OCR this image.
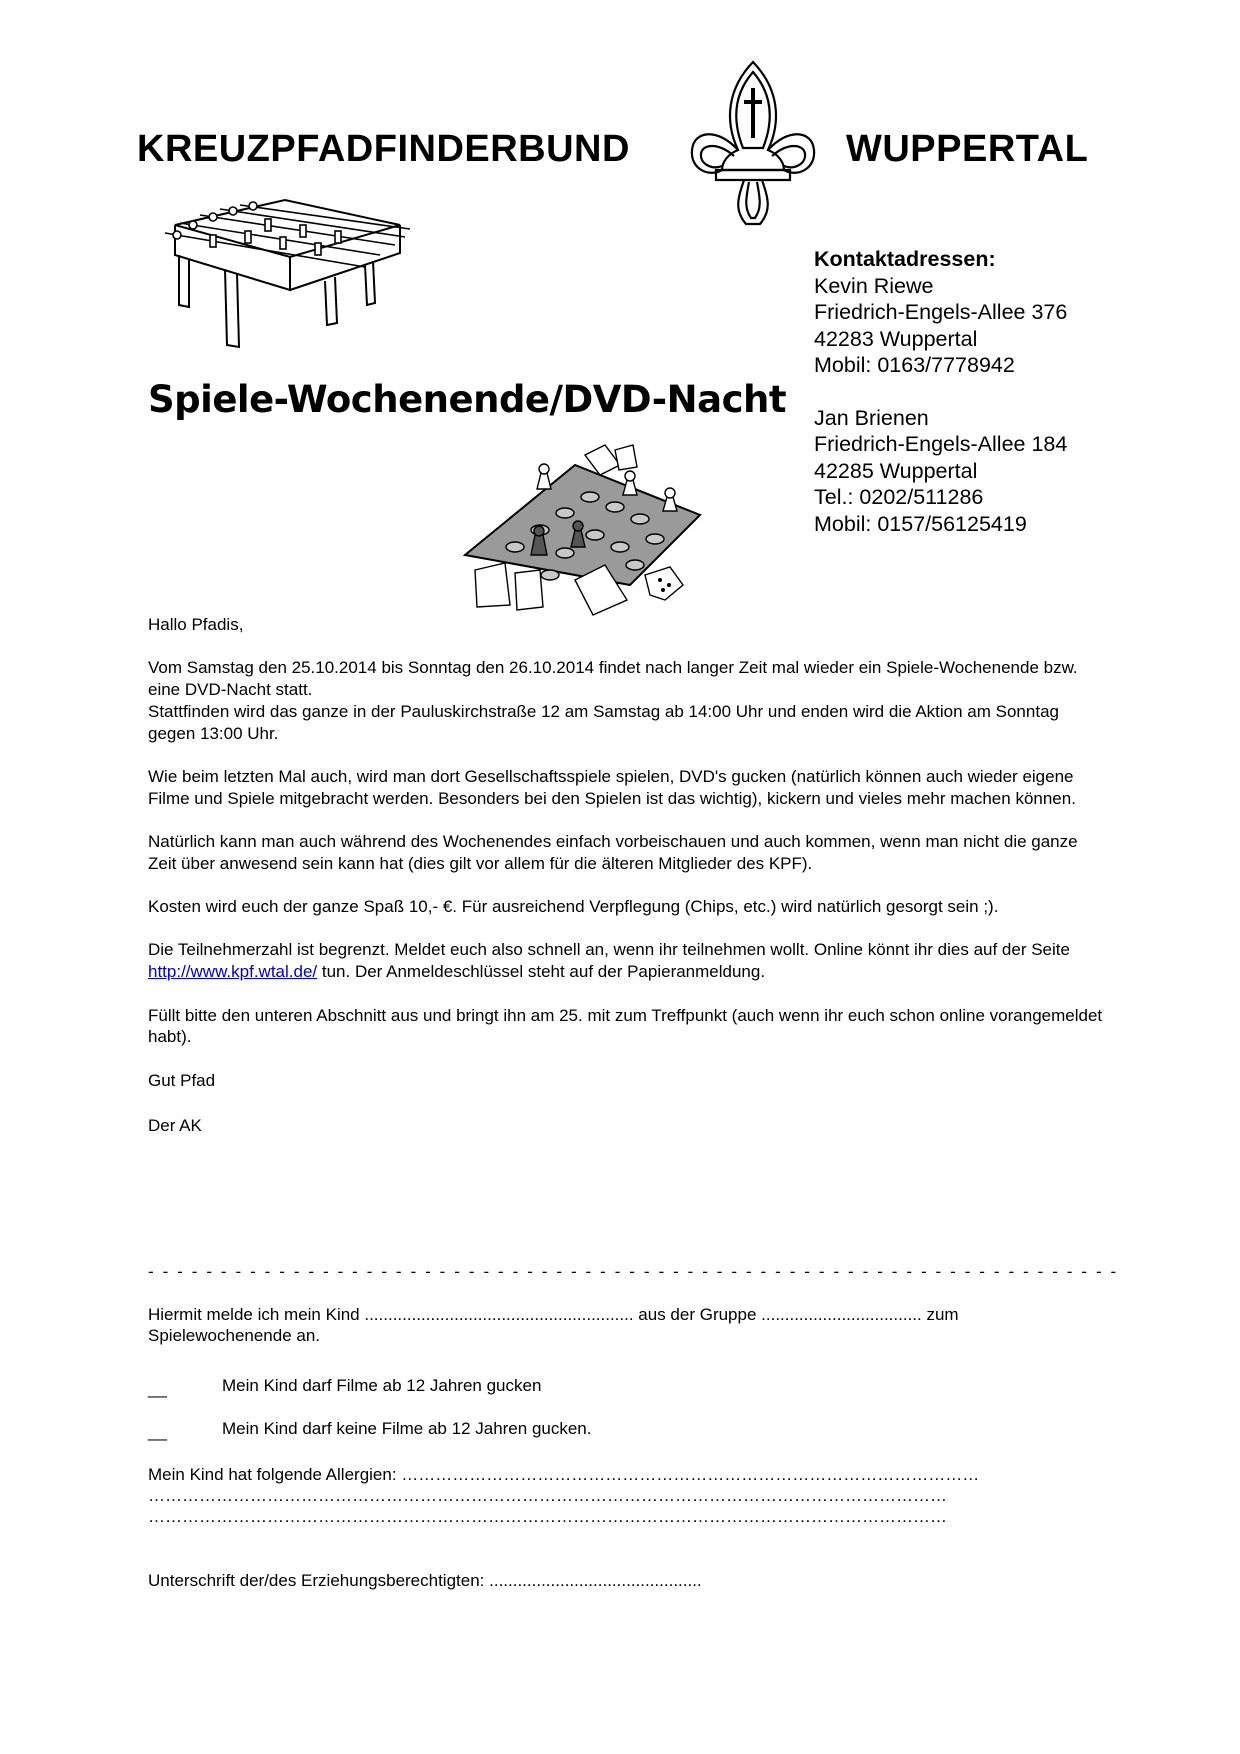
KREUZPFADFINDERBUND	WUPPERTAL
Spiele-Wochenende/DVD-Nacht
Kontaktadressen:
Kevin Riewe
Friedrich-Engels-Allee 376
42283 Wuppertal
Mobil: 0163/7778942
Jan Brienen
Friedrich-Engels-Allee 184
42285 Wuppertal
Tel.: 0202/511286
Mobil: 0157/56125419

Hallo Pfadis,

Vom Samstag den 25.10.2014 bis Sonntag den 26.10.2014 findet nach langer Zeit mal wieder ein Spiele-Wochenende bzw. eine DVD-Nacht statt.
Stattfinden wird das ganze in der Pauluskirchstraße 12 am Samstag ab 14:00 Uhr und enden wird die Aktion am Sonntag gegen 13:00 Uhr.

Wie beim letzten Mal auch, wird man dort Gesellschaftsspiele spielen, DVD's gucken (natürlich können auch wieder eigene Filme und Spiele mitgebracht werden. Besonders bei den Spielen ist das wichtig), kickern und vieles mehr machen können.

Natürlich kann man auch während des Wochenendes einfach vorbeischauen und auch kommen, wenn man nicht die ganze Zeit über anwesend sein kann hat (dies gilt vor allem für die älteren Mitglieder des KPF).

Kosten wird euch der ganze Spaß 10,- €. Für ausreichend Verpflegung (Chips, etc.) wird natürlich gesorgt sein ;).

Die Teilnehmerzahl ist begrenzt. Meldet euch also schnell an, wenn ihr teilnehmen wollt. Online könnt ihr dies auf der Seite http://www.kpf.wtal.de/ tun. Der Anmeldeschlüssel steht auf der Papieranmeldung.

Füllt bitte den unteren Abschnitt aus und bringt ihn am 25. mit zum Treffpunkt (auch wenn ihr euch schon online vorangemeldet habt).

Gut Pfad

Der AK

- - - - - - - - - - - - - - - - - - - - - - - - - - - - - - - - - - - - - - - - - - - - - - - - - - - - - - - - - - - - - - - - - - -
Hiermit melde ich mein Kind ......................................................... aus der Gruppe .................................. zum
Spielewochenende an.
__	Mein Kind darf Filme ab 12 Jahren gucken
__	Mein Kind darf keine Filme ab 12 Jahren gucken.
Mein Kind hat folgende Allergien: …………………………………………………………………………………………
……………………………………………………………………………………………………………………………
……………………………………………………………………………………………………………………………
Unterschrift der/des Erziehungsberechtigten: .............................................
